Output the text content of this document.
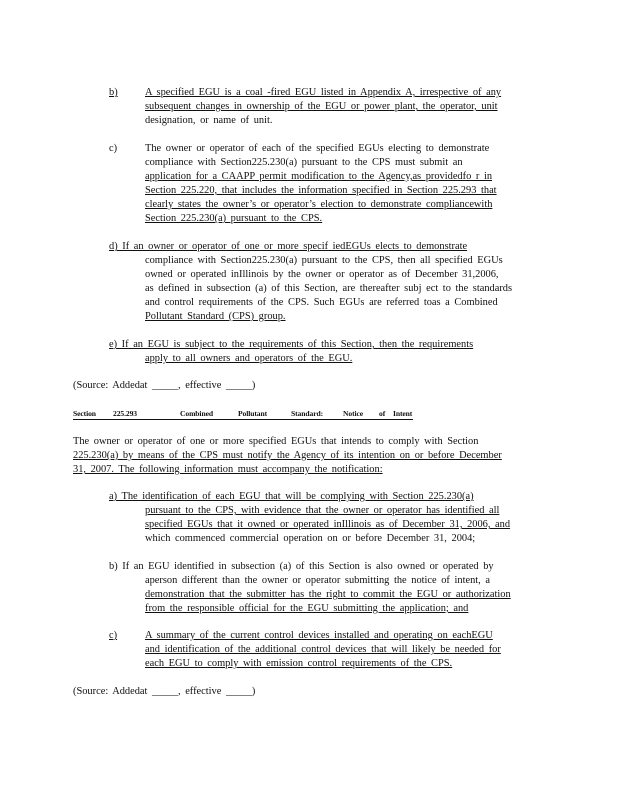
b)	A specified EGU is a coal -fired EGU listed in Appendix A, irrespective of any
subsequent changes in ownership of the EGU or power plant, the operator, unit
designation, or name of unit.
c)	The owner or operator of each of the specified EGUs electing to demonstrate
compliance with Section225.230(a) pursuant to the CPS must submit an
application for a CAAPP permit modification to the Agency,as providedfo r in
Section 225.220, that includes the information specified in Section 225.293 that
clearly states the owner’s or operator’s election to demonstrate compliancewith
Section 225.230(a) pursuant to the CPS.
d) If an owner or operator of one or more specif iedEGUs elects to demonstrate
compliance with Section225.230(a) pursuant to the CPS, then all specified EGUs
owned or operated inIllinois by the owner or operator as of December 31,2006,
as defined in subsection (a) of this Section, are thereafter subj ect to the standards
and control requirements of the CPS. Such EGUs are referred toas a Combined
Pollutant Standard (CPS) group.
e) If an EGU is subject to the requirements of this Section, then the requirements
apply to all owners and operators of the EGU.
(Source: Addedat _____, effective _____)
Section 225.293	Combined	Pollutant	Standard:	Notice of Intent
The owner or operator of one or more specified EGUs that intends to comply with Section
225.230(a) by means of the CPS must notify the Agency of its intention on or before December
31, 2007. The following information must accompany the notification:
a) The identification of each EGU that will be complying with Section 225.230(a)
pursuant to the CPS, with evidence that the owner or operator has identified all
specified EGUs that it owned or operated inIllinois as of December 31, 2006, and
which commenced commercial operation on or before December 31, 2004;
b) If an EGU identified in subsection (a) of this Section is also owned or operated by
aperson different than the owner or operator submitting the notice of intent, a
demonstration that the submitter has the right to commit the EGU or authorization
from the responsible official for the EGU submitting the application; and
c)	A summary of the current control devices installed and operating on eachEGU
and identification of the additional control devices that will likely be needed for
each EGU to comply with emission control requirements of the CPS.
(Source: Addedat _____, effective _____)
